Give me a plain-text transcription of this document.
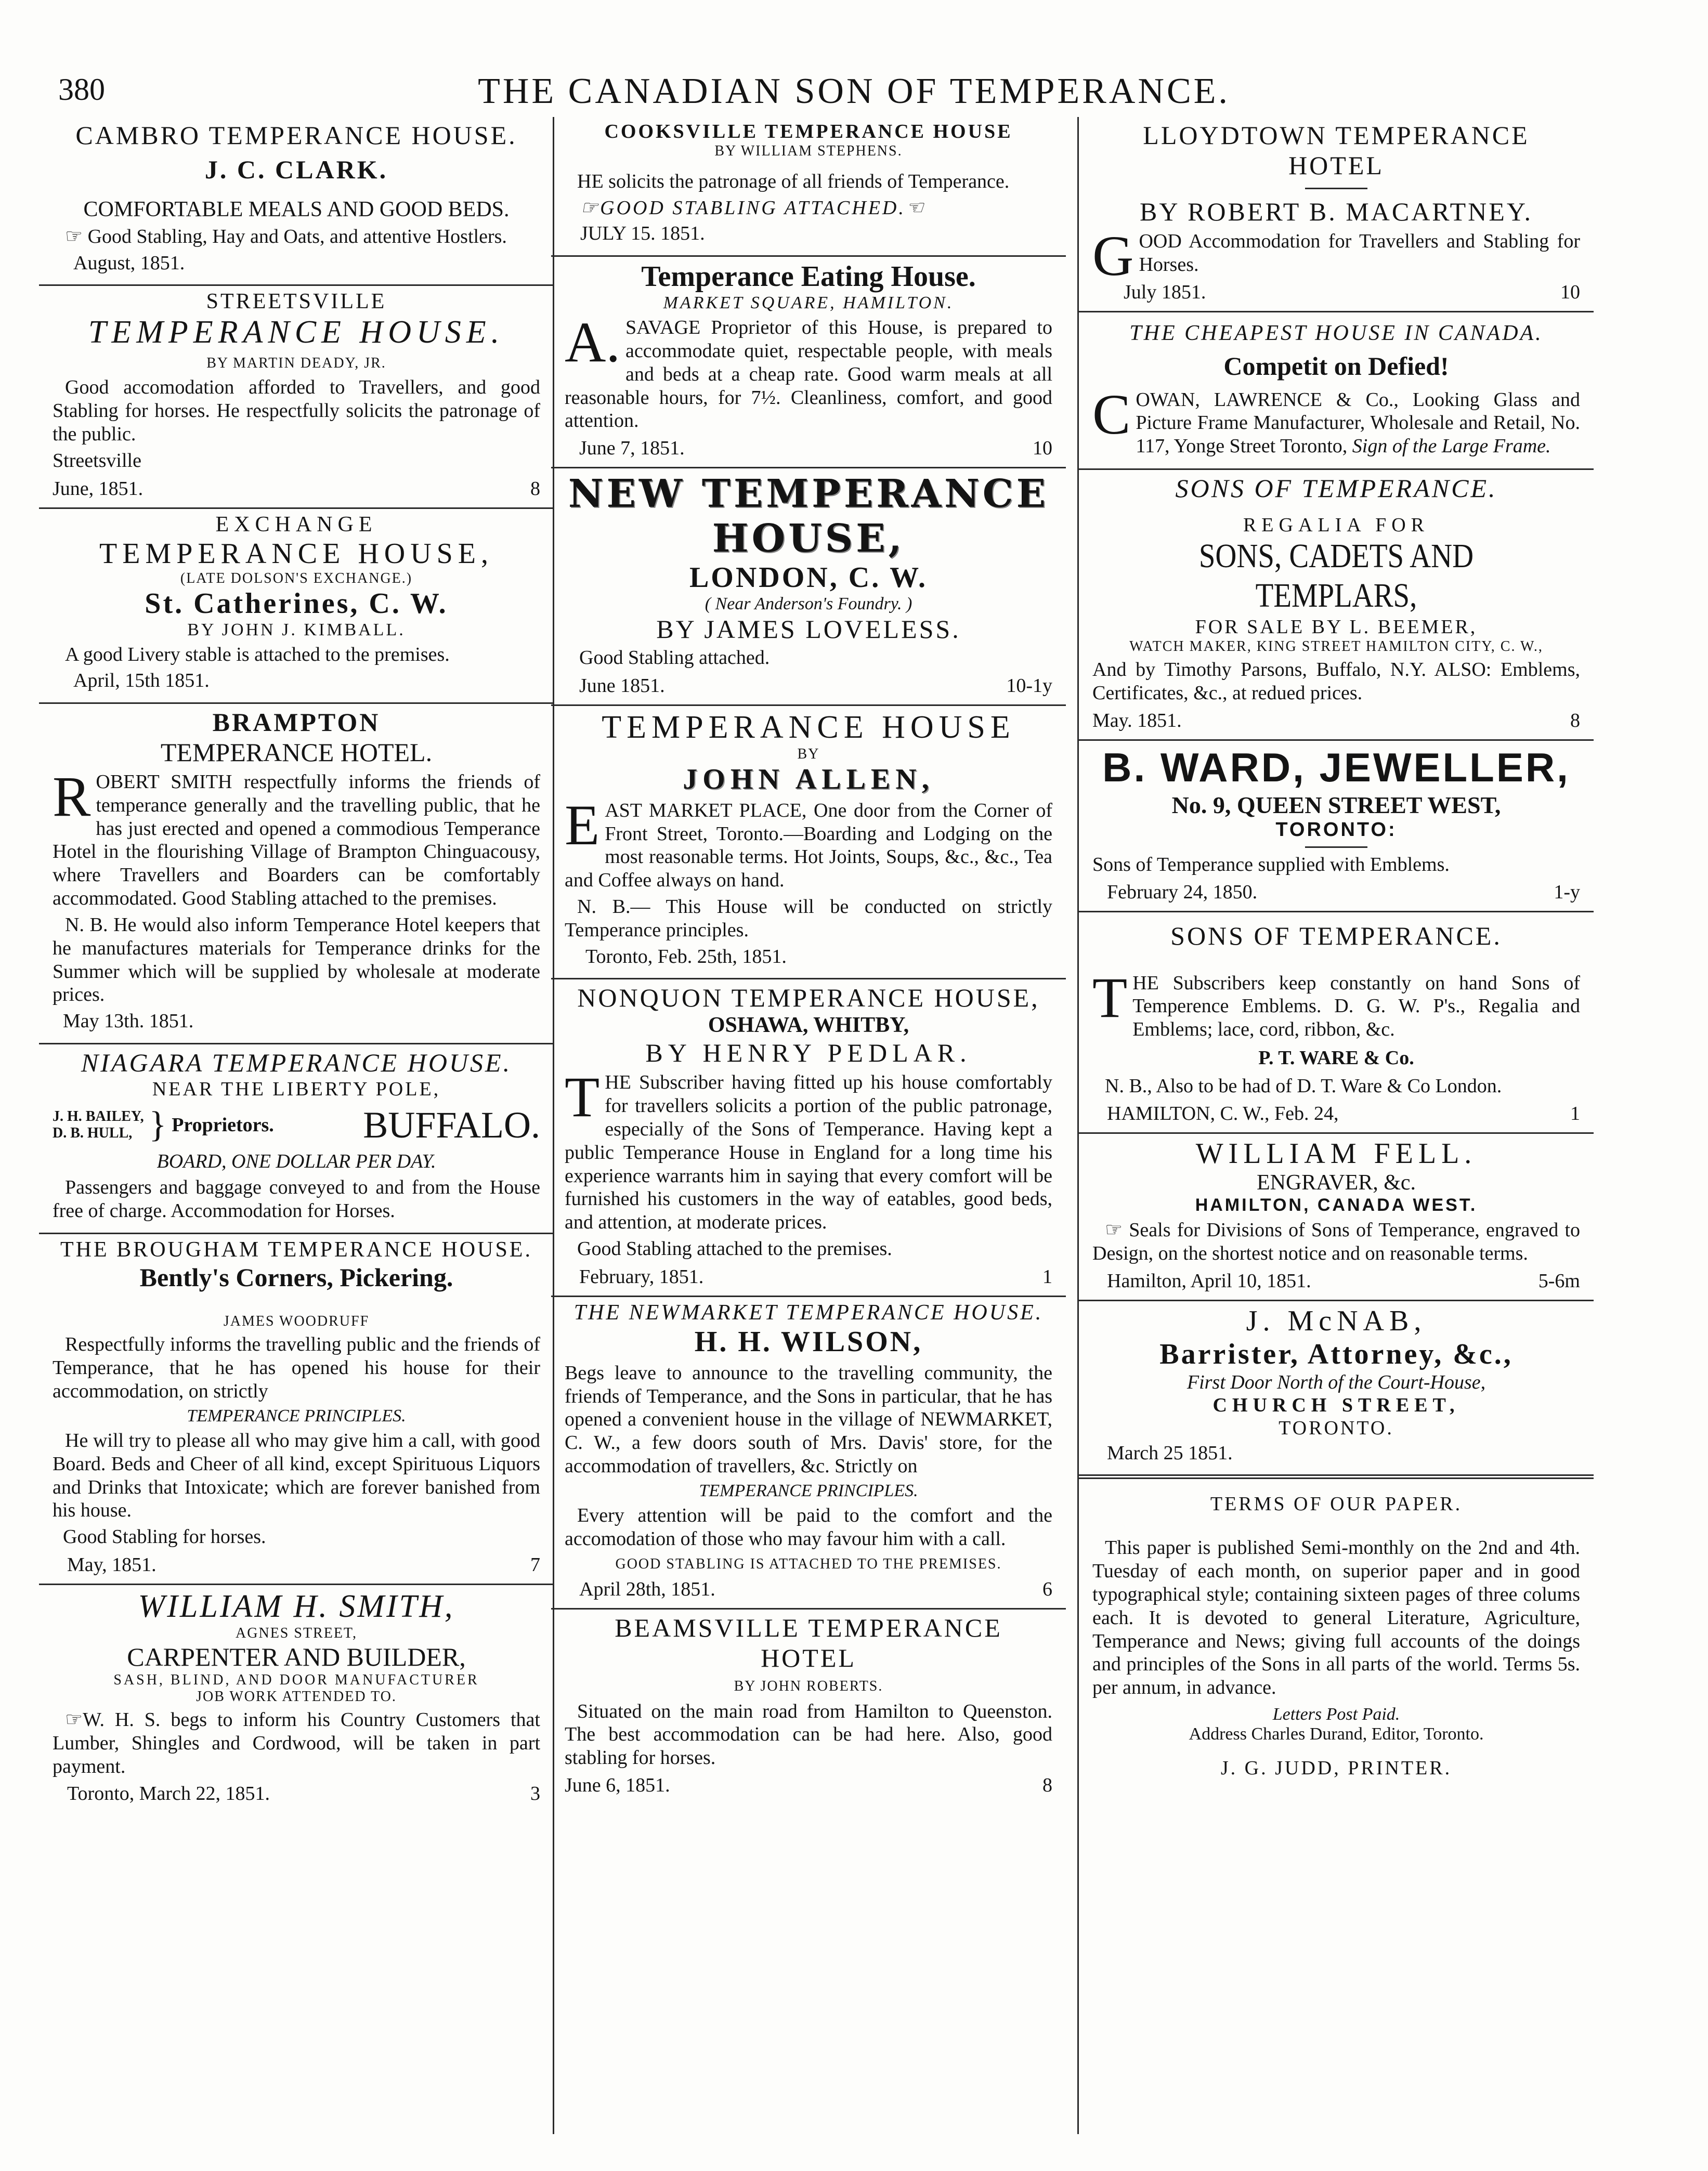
380	THE CANADIAN SON OF TEMPERANCE.
CAMBRO TEMPERANCE HOUSE.
J. C. CLARK.
COMFORTABLE MEALS AND GOOD BEDS.

☞ Good Stabling, Hay and Oats, and attentive Hostlers.

August, 1851.
STREETSVILLE
TEMPERANCE HOUSE.
BY MARTIN DEADY, JR.

Good accomodation afforded to Travellers, and good Stabling for horses. He respectfully solicits the patronage of the public.

Streetsville
June, 1851.	8
EXCHANGE
TEMPERANCE HOUSE,
(LATE DOLSON'S EXCHANGE.)
St. Catherines, C. W.
BY JOHN J. KIMBALL.

A good Livery stable is attached to the premises.

April, 15th 1851.
BRAMPTON
TEMPERANCE HOTEL.

ROBERT SMITH respectfully informs the friends of temperance generally and the travelling public, that he has just erected and opened a commodious Temperance Hotel in the flourishing Village of Brampton Chinguacousy, where Travellers and Boarders can be comfortably accommodated. Good Stabling attached to the premises.

N. B. He would also inform Temperance Hotel keepers that he manufactures materials for Temperance drinks for the Summer which will be supplied by wholesale at moderate prices.

May 13th. 1851.
NIAGARA TEMPERANCE HOUSE.
NEAR THE LIBERTY POLE,
J. H. BAILEY,
D. B. HULL, } Proprietors. BUFFALO.
BOARD, ONE DOLLAR PER DAY.

Passengers and baggage conveyed to and from the House free of charge. Accommodation for Horses.

THE BROUGHAM TEMPERANCE HOUSE.
Bently's Corners, Pickering.
JAMES WOODRUFF

Respectfully informs the travelling public and the friends of Temperance, that he has opened his house for their accommodation, on strictly

TEMPERANCE PRINCIPLES.

He will try to please all who may give him a call, with good Board. Beds and Cheer of all kind, except Spirituous Liquors and Drinks that Intoxicate; which are forever banished from his house.

Good Stabling for horses.
May, 1851.	7
WILLIAM H. SMITH,
AGNES STREET,
CARPENTER AND BUILDER,
SASH, BLIND, AND DOOR MANUFACTURER
JOB WORK ATTENDED TO.

☞W. H. S. begs to inform his Country Customers that Lumber, Shingles and Cordwood, will be taken in part payment.

Toronto, March 22, 1851.	3
COOKSVILLE TEMPERANCE HOUSE
BY WILLIAM STEPHENS.

HE solicits the patronage of all friends of Temperance.

☞GOOD STABLING ATTACHED.☜
JULY 15. 1851.
Temperance Eating House.
MARKET SQUARE, HAMILTON.

A. SAVAGE Proprietor of this House, is prepared to accommodate quiet, respectable people, with meals and beds at a cheap rate. Good warm meals at all reasonable hours, for 7½. Cleanliness, comfort, and good attention.

June 7, 1851.	10
NEW TEMPERANCE HOUSE,
LONDON, C. W.
( Near Anderson's Foundry. )
BY JAMES LOVELESS.
Good Stabling attached.
June 1851.	10-1y
TEMPERANCE HOUSE
BY
JOHN ALLEN,

EAST MARKET PLACE, One door from the Corner of Front Street, Toronto.—Boarding and Lodging on the most reasonable terms. Hot Joints, Soups, &c., &c., Tea and Coffee always on hand.

N. B.— This House will be conducted on strictly Temperance principles.

Toronto, Feb. 25th, 1851.
NONQUON TEMPERANCE HOUSE,
OSHAWA, WHITBY,
BY HENRY PEDLAR.

THE Subscriber having fitted up his house comfortably for travellers solicits a portion of the public patronage, especially of the Sons of Temperance. Having kept a public Temperance House in England for a long time his experience warrants him in saying that every comfort will be furnished his customers in the way of eatables, good beds, and attention, at moderate prices.

Good Stabling attached to the premises.
February, 1851.	1
THE NEWMARKET TEMPERANCE HOUSE.
H. H. WILSON,

Begs leave to announce to the travelling community, the friends of Temperance, and the Sons in particular, that he has opened a convenient house in the village of NEWMARKET, C. W., a few doors south of Mrs. Davis' store, for the accommodation of travellers, &c. Strictly on

TEMPERANCE PRINCIPLES.

Every attention will be paid to the comfort and the accomodation of those who may favour him with a call.

GOOD STABLING IS ATTACHED TO THE PREMISES.
April 28th, 1851.	6
BEAMSVILLE TEMPERANCE HOTEL
BY JOHN ROBERTS.

Situated on the main road from Hamilton to Queenston. The best accommodation can be had here. Also, good stabling for horses.

June 6, 1851.	8
LLOYDTOWN TEMPERANCE HOTEL
BY ROBERT B. MACARTNEY.

GOOD Accommodation for Travellers and Stabling for Horses.

July 1851.	10
THE CHEAPEST HOUSE IN CANADA.
Competit on Defied!

COWAN, LAWRENCE & Co., Looking Glass and Picture Frame Manufacturer, Wholesale and Retail, No. 117, Yonge Street Toronto, Sign of the Large Frame.

SONS OF TEMPERANCE.
REGALIA FOR
SONS, CADETS AND TEMPLARS,
FOR SALE BY L. BEEMER,
WATCH MAKER, KING STREET HAMILTON CITY, C. W.,

And by Timothy Parsons, Buffalo, N.Y. ALSO: Emblems, Certificates, &c., at redued prices.

May. 1851.	8
B. WARD, JEWELLER,
No. 9, QUEEN STREET WEST,
TORONTO:

Sons of Temperance supplied with Emblems.

February 24, 1850.	1-y
SONS OF TEMPERANCE.

THE Subscribers keep constantly on hand Sons of Temperence Emblems. D. G. W. P's., Regalia and Emblems; lace, cord, ribbon, &c.

P. T. WARE & Co.

N. B., Also to be had of D. T. Ware & Co London.

HAMILTON, C. W., Feb. 24,	1
WILLIAM FELL.
ENGRAVER, &c.
HAMILTON, CANADA WEST.

☞ Seals for Divisions of Sons of Temperance, engraved to Design, on the shortest notice and on reasonable terms.

Hamilton, April 10, 1851.	5-6m
J. McNAB,
Barrister, Attorney, &c.,
First Door North of the Court-House,
CHURCH STREET,
TORONTO.
March 25 1851.
TERMS OF OUR PAPER.

This paper is published Semi-monthly on the 2nd and 4th. Tuesday of each month, on superior paper and in good typographical style; containing sixteen pages of three colums each. It is devoted to general Literature, Agriculture, Temperance and News; giving full accounts of the doings and principles of the Sons in all parts of the world. Terms 5s. per annum, in advance.

Letters Post Paid.
Address Charles Durand, Editor, Toronto.
J. G. JUDD, PRINTER.
